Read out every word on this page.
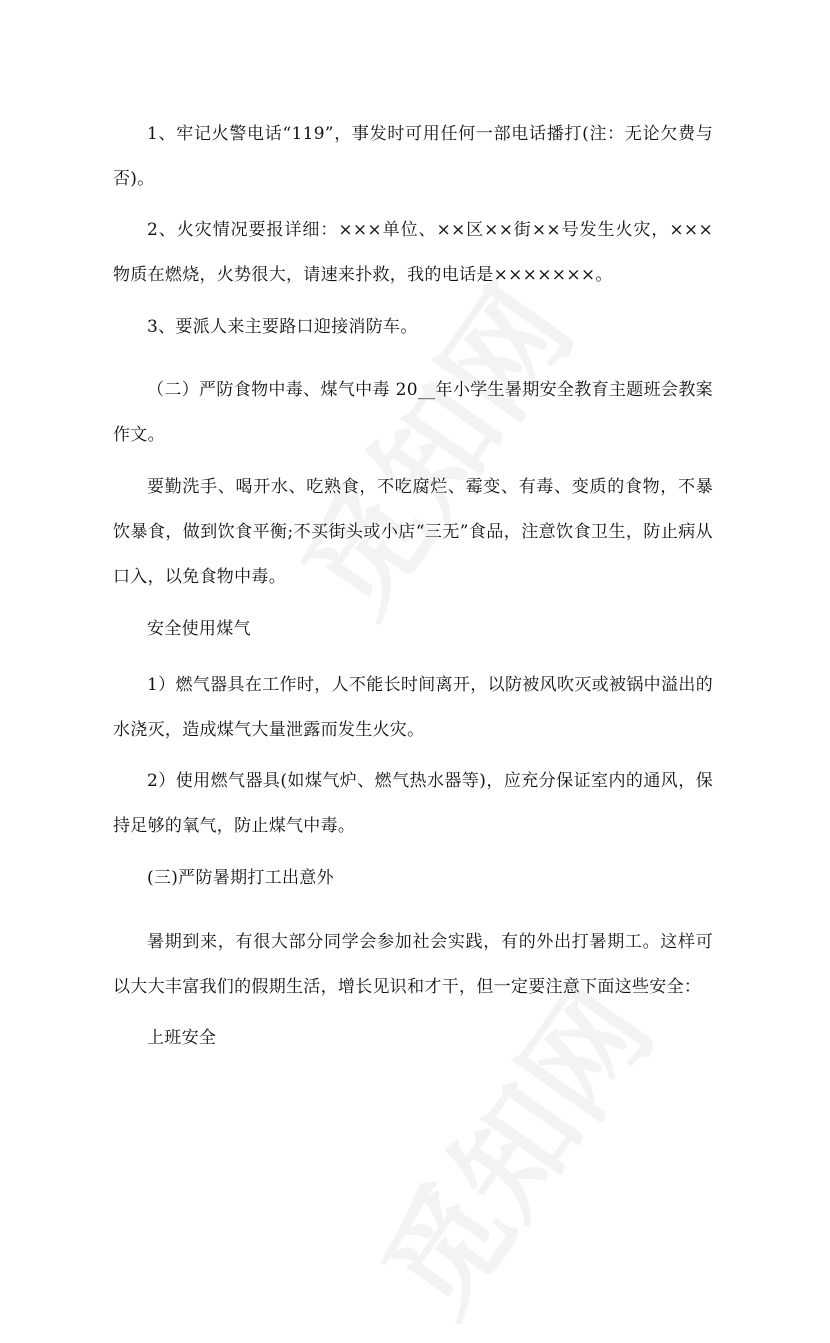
1、牢记火警电话“119”，事发时可用任何一部电话播打(注：无论欠费与否)。

2、火灾情况要报详细：×××单位、××区××街××号发生火灾，×××物质在燃烧，火势很大，请速来扑救，我的电话是×××××××。

3、要派人来主要路口迎接消防车。

（二）严防食物中毒、煤气中毒 20__年小学生暑期安全教育主题班会教案作文。

要勤洗手、喝开水、吃熟食，不吃腐烂、霉变、有毒、变质的食物，不暴饮暴食，做到饮食平衡;不买街头或小店“三无”食品，注意饮食卫生，防止病从口入，以免食物中毒。

安全使用煤气

1）燃气器具在工作时，人不能长时间离开，以防被风吹灭或被锅中溢出的水浇灭，造成煤气大量泄露而发生火灾。

2）使用燃气器具(如煤气炉、燃气热水器等)，应充分保证室内的通风，保持足够的氧气，防止煤气中毒。

(三)严防暑期打工出意外

暑期到来，有很大部分同学会参加社会实践，有的外出打暑期工。这样可以大大丰富我们的假期生活，增长见识和才干，但一定要注意下面这些安全：

上班安全
